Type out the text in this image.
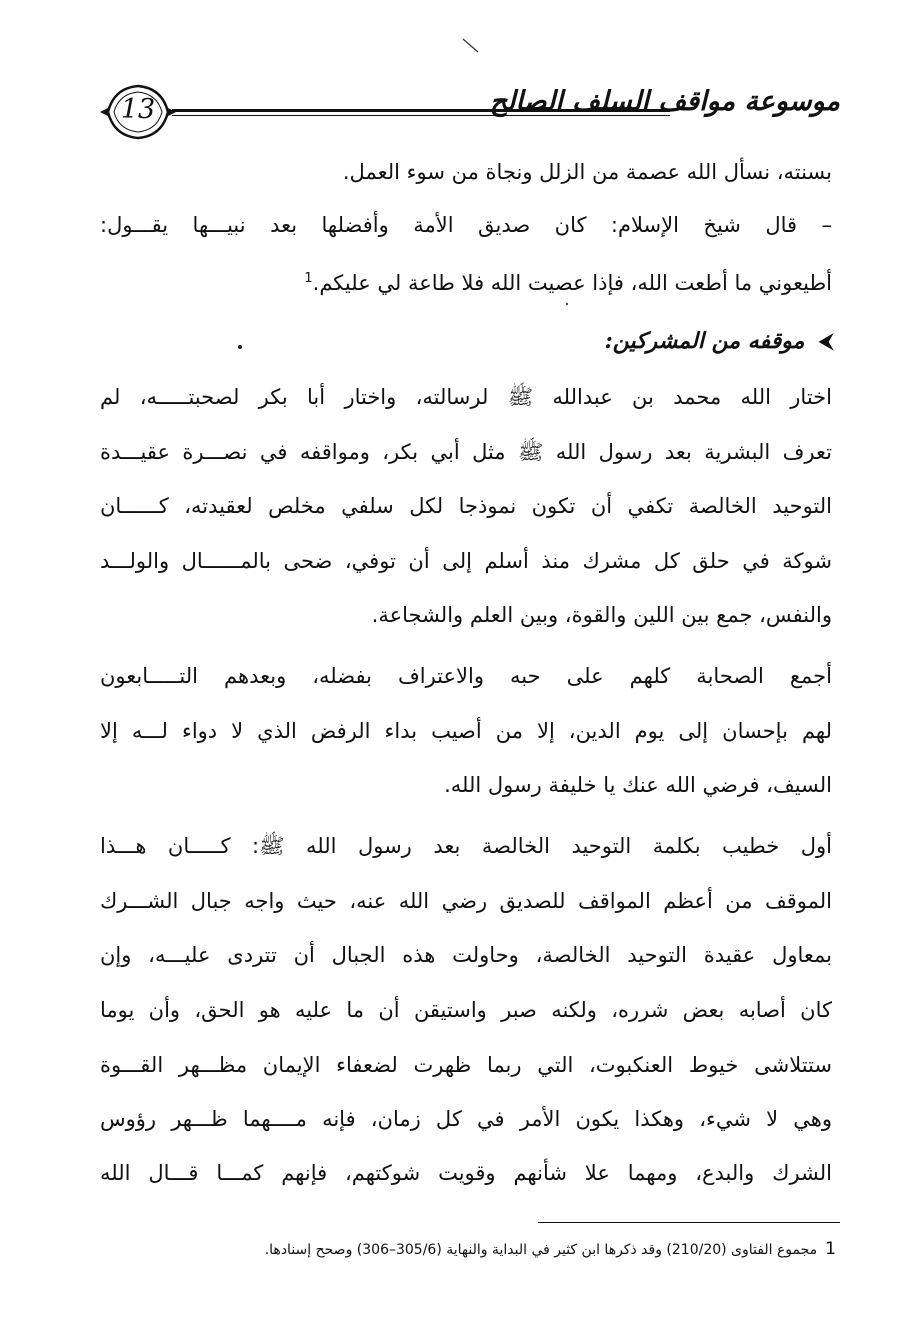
13	موسوعة مواقف السلف الصالح
بسنته، نسأل الله عصمة من الزلل ونجاة من سوء العمل.
– قال شيخ الإسلام: كان صديق الأمة وأفضلها بعد نبيـــها يقـــول:
أطيعوني ما أطعت الله، فإذا عصيت الله فلا طاعة لي عليكم.$^1$
⮜موقفه من المشركين:
اختار الله محمد بن عبدالله ﷺ لرسالته، واختار أبا بكر لصحبتـــــه، لم
تعرف البشرية بعد رسول الله ﷺ مثل أبي بكر، ومواقفه في نصـــرة عقيـــدة
التوحيد الخالصة تكفي أن تكون نموذجا لكل سلفي مخلص لعقيدته، كــــــان
شوكة في حلق كل مشرك منذ أسلم إلى أن توفي، ضحى بالمــــــال والولـــد
والنفس، جمع بين اللين والقوة، وبين العلم والشجاعة.
أجمع الصحابة كلهم على حبه والاعتراف بفضله، وبعدهم التـــــابعون
لهم بإحسان إلى يوم الدين، إلا من أصيب بداء الرفض الذي لا دواء لـــه إلا
السيف، فرضي الله عنك يا خليفة رسول الله.
أول خطيب بكلمة التوحيد الخالصة بعد رسول الله ﷺ: كـــــان هـــذا
الموقف من أعظم المواقف للصديق رضي الله عنه، حيث واجه جبال الشـــرك
بمعاول عقيدة التوحيد الخالصة، وحاولت هذه الجبال أن تتردى عليـــه، وإن
كان أصابه بعض شرره، ولكنه صبر واستيقن أن ما عليه هو الحق، وأن يوما
ستتلاشى خيوط العنكبوت، التي ربما ظهرت لضعفاء الإيمان مظـــهر القـــوة
وهي لا شيء، وهكذا يكون الأمر في كل زمان، فإنه مــــهما ظـــهر رؤوس
الشرك والبدع، ومهما علا شأنهم وقويت شوكتهم، فإنهم كمـــا قـــال الله
1مجموع الفتاوى (210/20) وقد ذكرها ابن كثير في البداية والنهاية (305/6–306) وصحح إسنادها.
